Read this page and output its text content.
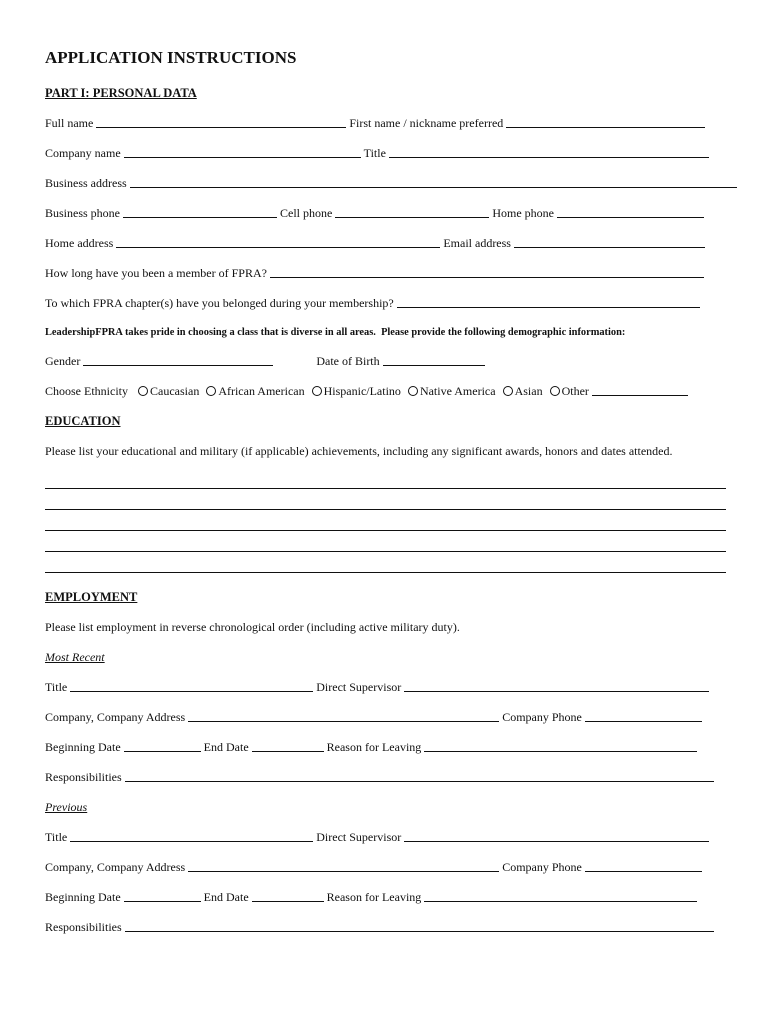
APPLICATION INSTRUCTIONS
PART I: PERSONAL DATA
Full name	First name / nickname preferred
Company name	Title
Business address
Business phone	Cell phone	Home phone
Home address	Email address
How long have you been a member of FPRA?
To which FPRA chapter(s) have you belonged during your membership?
LeadershipFPRA takes pride in choosing a class that is diverse in all areas.  Please provide the following demographic information:
Gender	Date of Birth
Choose Ethnicity Caucasian African American Hispanic/Latino Native America Asian Other
EDUCATION
Please list your educational and military (if applicable) achievements, including any significant awards, honors and dates attended.
EMPLOYMENT
Please list employment in reverse chronological order (including active military duty).
Most Recent
Title	Direct Supervisor
Company, Company Address	Company Phone
Beginning Date	End Date	Reason for Leaving
Responsibilities
Previous
Title	Direct Supervisor
Company, Company Address	Company Phone
Beginning Date	End Date	Reason for Leaving
Responsibilities
